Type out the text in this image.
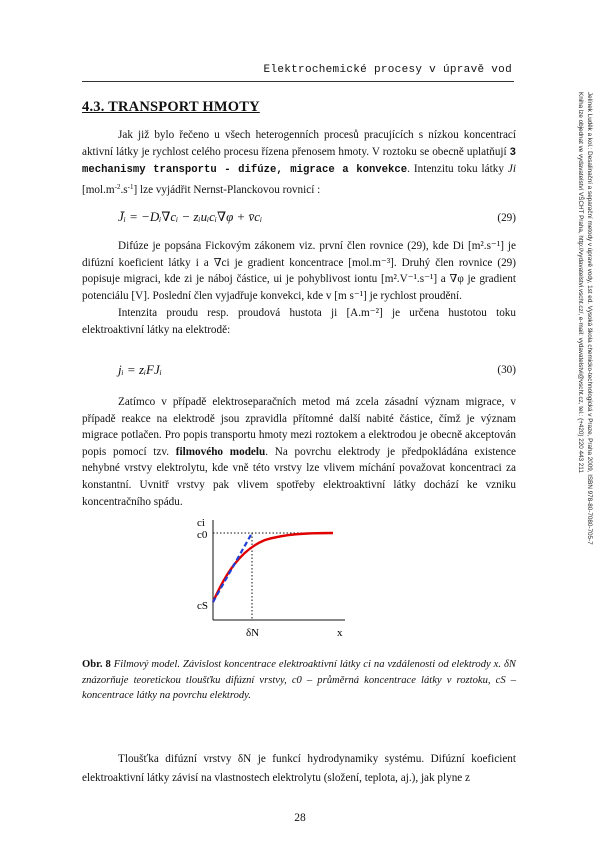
Elektrochemické procesy v úpravě vod
Jelínek Luděk a kol.: Desalinační a separační metody v úpravě vody, 1st ed. Vysoká škola chemicko-technologická v Praze, Praha 2009, ISBN 978-80-7080-705-7
Kniha lze objednat ve vydavatelství VŠCHT Praha, http://vydavatelstvi.vscht.cz/, e-mail: vydavatelstvi@vscht.cz, tel.: (+420) 220 443 211
4.3. TRANSPORT HMOTY
Jak již bylo řečeno u všech heterogenních procesů pracujících s nízkou koncentrací aktivní látky je rychlost celého procesu řízena přenosem hmoty. V roztoku se obecně uplatňují 3 mechanismy transportu - difúze, migrace a konvekce. Intenzitu toku látky Ji $[mol.m^{-2}.s^{-1}]$ lze vyjádřit Nernst-Planckovou rovnicí :
J̄ᵢ = −Dᵢ∇cᵢ − zᵢuᵢcᵢ∇φ + v̄cᵢ	(29)
Difúze je popsána Fickovým zákonem viz. první člen rovnice (29), kde Di [m².s⁻¹] je difúzní koeficient látky i a ∇ci je gradient koncentrace [mol.m⁻³]. Druhý člen rovnice (29) popisuje migraci, kde zi je náboj částice, ui je pohyblivost iontu [m².V⁻¹.s⁻¹] a ∇φ je gradient potenciálu [V]. Poslední člen vyjadřuje konvekci, kde v [m s⁻¹] je rychlost proudění.
Intenzita proudu resp. proudová hustota ji [A.m⁻²] je určena hustotou toku elektroaktivní látky na elektrodě:
jᵢ = zᵢFJᵢ	(30)
Zatímco v případě elektroseparačních metod má zcela zásadní význam migrace, v případě reakce na elektrodě jsou zpravidla přítomné další nabité částice, čímž je význam migrace potlačen. Pro popis transportu hmoty mezi roztokem a elektrodou je obecně akceptován popis pomocí tzv. filmového modelu. Na povrchu elektrody je předpokládána existence nehybné vrstvy elektrolytu, kde vně této vrstvy lze vlivem míchání považovat koncentraci za konstantní. Uvnitř vrstvy pak vlivem spotřeby elektroaktivní látky dochází ke vzniku koncentračního spádu.
ci
c0
cS
δN	x
Obr. 8 Filmový model. Závislost koncentrace elektroaktivní látky ci na vzdálenosti od elektrody x. δN znázorňuje teoretickou tloušťku difúzní vrstvy, c0 – průměrná koncentrace látky v roztoku, cS – koncentrace látky na povrchu elektrody.
Tloušťka difúzní vrstvy δN je funkcí hydrodynamiky systému. Difúzní koeficient elektroaktivní látky závisí na vlastnostech elektrolytu (složení, teplota, aj.), jak plyne z
28
